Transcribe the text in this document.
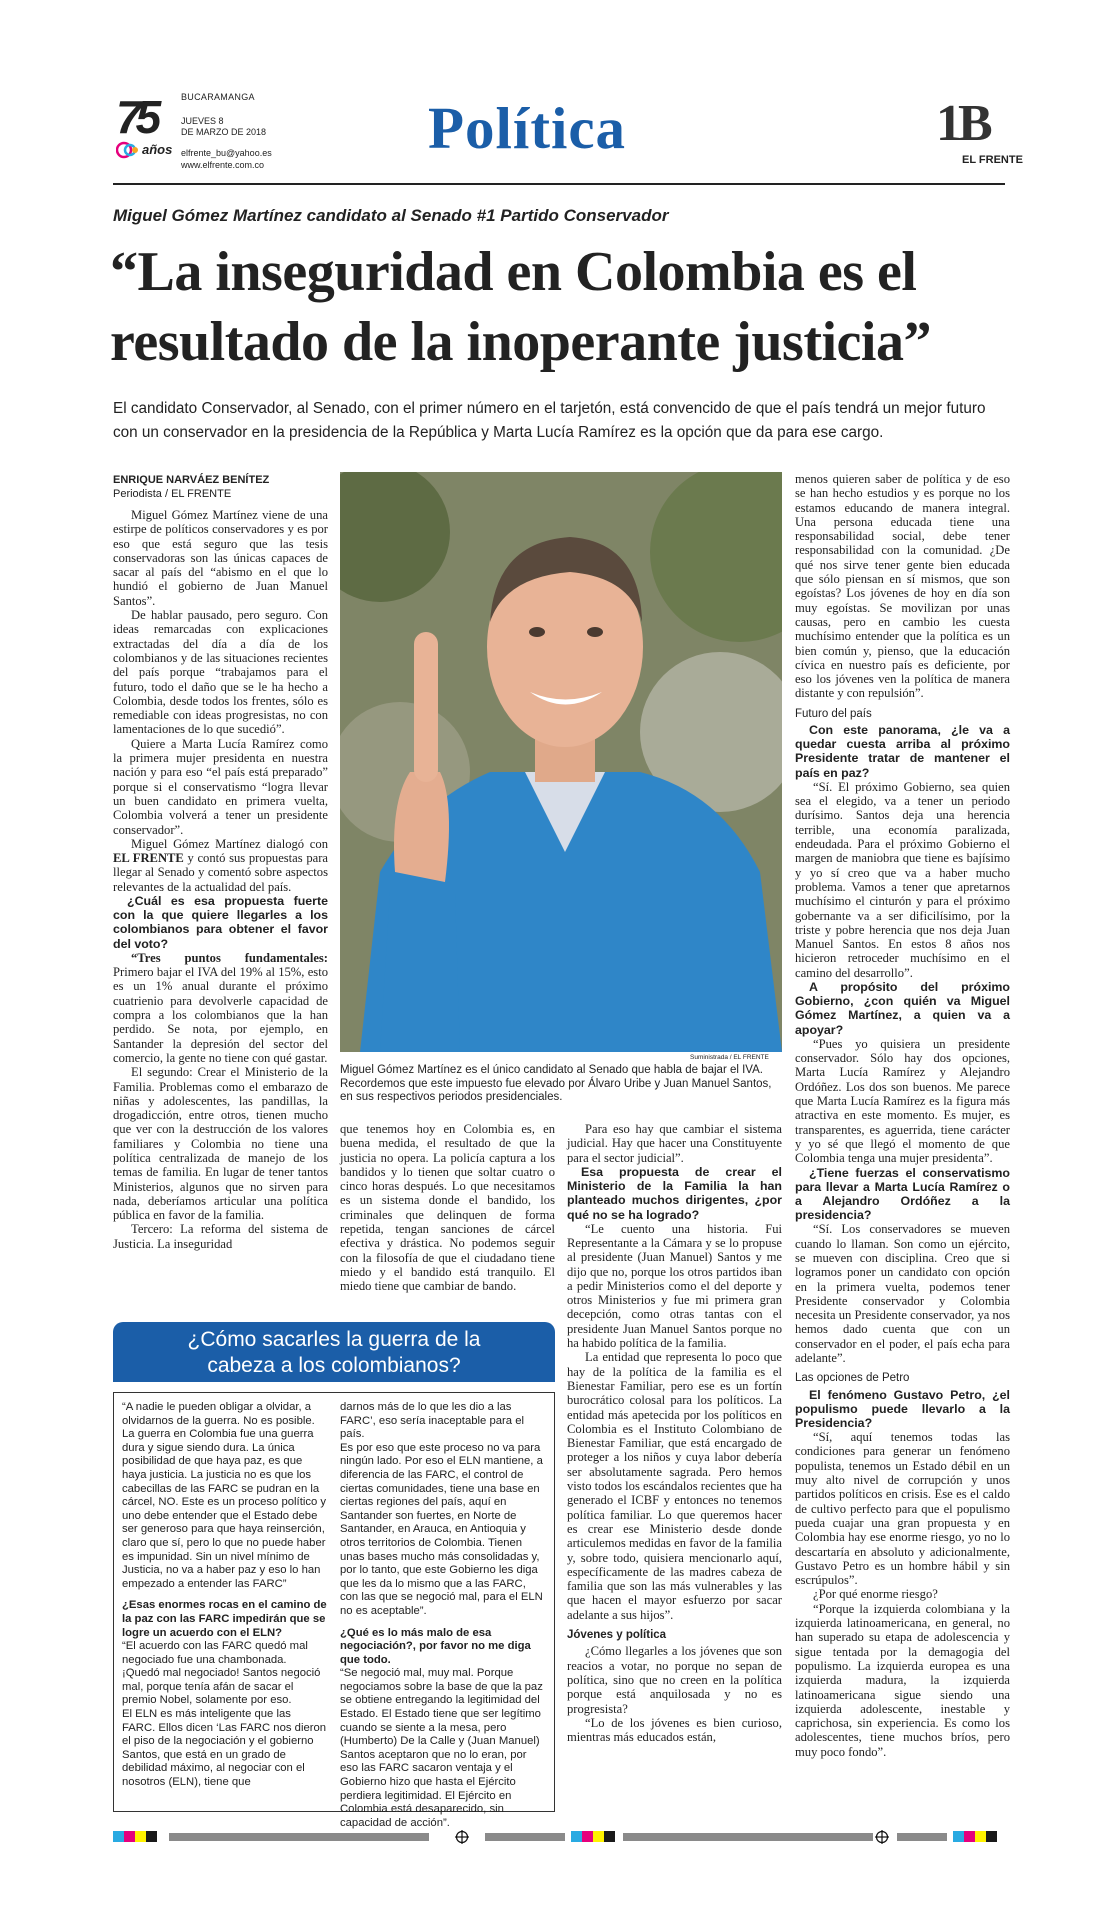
75
años
BUCARAMANGA
JUEVES 8
DE MARZO DE 2018
elfrente_bu@yahoo.es
www.elfrente.com.co
Política	1B
EL FRENTE
Miguel Gómez Martínez candidato al Senado #1 Partido Conservador
“La inseguridad en Colombia es el
resultado de la inoperante justicia”
El candidato Conservador, al Senado, con el primer número en el tarjetón, está convencido de que el país tendrá un mejor futuro con un conservador en la presidencia de la República y Marta Lucía Ramírez es la opción que da para ese cargo.
ENRIQUE NARVÁEZ BENÍTEZ
Periodista / EL FRENTE
Suministrada / EL FRENTE
Miguel Gómez Martínez es el único candidato al Senado que habla de bajar el IVA. Recordemos que este impuesto fue elevado por Álvaro Uribe y Juan Manuel Santos, en sus respectivos periodos presidenciales.

Miguel Gómez Martínez viene de una estirpe de políticos conservadores y es por eso que está seguro que las tesis conservadoras son las únicas capaces de sacar al país del “abismo en el que lo hundió el gobierno de Juan Manuel Santos”.

De hablar pausado, pero seguro. Con ideas remarcadas con explicaciones extractadas del día a día de los colombianos y de las situaciones recientes del país porque “trabajamos para el futuro, todo el daño que se le ha hecho a Colombia, desde todos los frentes, sólo es remediable con ideas progresistas, no con lamentaciones de lo que sucedió”.

Quiere a Marta Lucía Ramírez como la primera mujer presidenta en nuestra nación y para eso “el país está preparado” porque si el conservatismo “logra llevar un buen candidato en primera vuelta, Colombia volverá a tener un presidente conservador”.

Miguel Gómez Martínez dialogó con EL FRENTE y contó sus propuestas para llegar al Senado y comentó sobre aspectos relevantes de la actualidad del país.

¿Cuál es esa propuesta fuerte con la que quiere llegarles a los colombianos para obtener el favor del voto?

“Tres puntos fundamentales: Primero bajar el IVA del 19% al 15%, esto es un 1% anual durante el próximo cuatrienio para devolverle capacidad de compra a los colombianos que la han perdido. Se nota, por ejemplo, en Santander la depresión del sector del comercio, la gente no tiene con qué gastar.

El segundo: Crear el Ministerio de la Familia. Problemas como el embarazo de niñas y adolescentes, las pandillas, la drogadicción, entre otros, tienen mucho que ver con la destrucción de los valores familiares y Colombia no tiene una política centralizada de manejo de los temas de familia. En lugar de tener tantos Ministerios, algunos que no sirven para nada, deberíamos articular una política pública en favor de la familia.

Tercero: La reforma del sistema de Justicia. La inseguridad

que tenemos hoy en Colombia es, en buena medida, el resultado de que la justicia no opera. La policía captura a los bandidos y lo tienen que soltar cuatro o cinco horas después. Lo que necesitamos es un sistema donde el bandido, los criminales que delinquen de forma repetida, tengan sanciones de cárcel efectiva y drástica. No podemos seguir con la filosofía de que el ciudadano tiene miedo y el bandido está tranquilo. El miedo tiene que cambiar de bando.

Para eso hay que cambiar el sistema judicial. Hay que hacer una Constituyente para el sector judicial”.

Esa propuesta de crear el Ministerio de la Familia la han planteado muchos dirigentes, ¿por qué no se ha logrado?

“Le cuento una historia. Fui Representante a la Cámara y se lo propuse al presidente (Juan Manuel) Santos y me dijo que no, porque los otros partidos iban a pedir Ministerios como el del deporte y otros Ministerios y fue mi primera gran decepción, como otras tantas con el presidente Juan Manuel Santos porque no ha habido política de la familia.

La entidad que representa lo poco que hay de la política de la familia es el Bienestar Familiar, pero ese es un fortín burocrático colosal para los políticos. La entidad más apetecida por los políticos en Colombia es el Instituto Colombiano de Bienestar Familiar, que está encargado de proteger a los niños y cuya labor debería ser absolutamente sagrada. Pero hemos visto todos los escándalos recientes que ha generado el ICBF y entonces no tenemos política familiar. Lo que queremos hacer es crear ese Ministerio desde donde articulemos medidas en favor de la familia y, sobre todo, quisiera mencionarlo aquí, específicamente de las madres cabeza de familia que son las más vulnerables y las que hacen el mayor esfuerzo por sacar adelante a sus hijos”.

Jóvenes y política

¿Cómo llegarles a los jóvenes que son reacios a votar, no porque no sepan de política, sino que no creen en la política porque está anquilosada y no es progresista?

“Lo de los jóvenes es bien curioso, mientras más educados están,

menos quieren saber de política y de eso se han hecho estudios y es porque no los estamos educando de manera integral. Una persona educada tiene una responsabilidad social, debe tener responsabilidad con la comunidad. ¿De qué nos sirve tener gente bien educada que sólo piensan en sí mismos, que son egoístas? Los jóvenes de hoy en día son muy egoístas. Se movilizan por unas causas, pero en cambio les cuesta muchísimo entender que la política es un bien común y, pienso, que la educación cívica en nuestro país es deficiente, por eso los jóvenes ven la política de manera distante y con repulsión”.

Futuro del país

Con este panorama, ¿le va a quedar cuesta arriba al próximo Presidente tratar de mantener el país en paz?

“Sí. El próximo Gobierno, sea quien sea el elegido, va a tener un periodo durísimo. Santos deja una herencia terrible, una economía paralizada, endeudada. Para el próximo Gobierno el margen de maniobra que tiene es bajísimo y yo sí creo que va a haber mucho problema. Vamos a tener que apretarnos muchísimo el cinturón y para el próximo gobernante va a ser dificilísimo, por la triste y pobre herencia que nos deja Juan Manuel Santos. En estos 8 años nos hicieron retroceder muchísimo en el camino del desarrollo”.

A propósito del próximo Gobierno, ¿con quién va Miguel Gómez Martínez, a quien va a apoyar?

“Pues yo quisiera un presidente conservador. Sólo hay dos opciones, Marta Lucía Ramírez y Alejandro Ordóñez. Los dos son buenos. Me parece que Marta Lucía Ramírez es la figura más atractiva en este momento. Es mujer, es transparentes, es aguerrida, tiene carácter y yo sé que llegó el momento de que Colombia tenga una mujer presidenta”.

¿Tiene fuerzas el conservatismo para llevar a Marta Lucía Ramírez o a Alejandro Ordóñez a la presidencia?

“Sí. Los conservadores se mueven cuando lo llaman. Son como un ejército, se mueven con disciplina. Creo que si logramos poner un candidato con opción en la primera vuelta, podemos tener Presidente conservador y Colombia necesita un Presidente conservador, ya nos hemos dado cuenta que con un conservador en el poder, el país echa para adelante”.

Las opciones de Petro

El fenómeno Gustavo Petro, ¿el populismo puede llevarlo a la Presidencia?

“Sí, aquí tenemos todas las condiciones para generar un fenómeno populista, tenemos un Estado débil en un muy alto nivel de corrupción y unos partidos políticos en crisis. Ese es el caldo de cultivo perfecto para que el populismo pueda cuajar una gran propuesta y en Colombia hay ese enorme riesgo, yo no lo descartaría en absoluto y adicionalmente, Gustavo Petro es un hombre hábil y sin escrúpulos”.

¿Por qué enorme riesgo?

“Porque la izquierda colombiana y la izquierda latinoamericana, en general, no han superado su etapa de adolescencia y sigue tentada por la demagogia del populismo. La izquierda europea es una izquierda madura, la izquierda latinoamericana sigue siendo una izquierda adolescente, inestable y caprichosa, sin experiencia. Es como los adolescentes, tiene muchos bríos, pero muy poco fondo”.

¿Cómo sacarles la guerra de la
cabeza a los colombianos?

“A nadie le pueden obligar a olvidar, a olvidarnos de la guerra. No es posible. La guerra en Colombia fue una guerra dura y sigue siendo dura. La única posibilidad de que haya paz, es que haya justicia. La justicia no es que los cabecillas de las FARC se pudran en la cárcel, NO. Este es un proceso político y uno debe entender que el Estado debe ser generoso para que haya reinserción, claro que sí, pero lo que no puede haber es impunidad. Sin un nivel mínimo de Justicia, no va a haber paz y eso lo han empezado a entender las FARC”

¿Esas enormes rocas en el camino de la paz con las FARC impedirán que se logre un acuerdo con el ELN?

“El acuerdo con las FARC quedó mal negociado fue una chambonada. ¡Quedó mal negociado! Santos negoció mal, porque tenía afán de sacar el premio Nobel, solamente por eso.

El ELN es más inteligente que las FARC. Ellos dicen ‘Las FARC nos dieron el piso de la negociación y el gobierno Santos, que está en un grado de debilidad máximo, al negociar con el nosotros (ELN), tiene que

darnos más de lo que les dio a las FARC’, eso sería inaceptable para el país.

Es por eso que este proceso no va para ningún lado. Por eso el ELN mantiene, a diferencia de las FARC, el control de ciertas comunidades, tiene una base en ciertas regiones del país, aquí en Santander son fuertes, en Norte de Santander, en Arauca, en Antioquia y otros territorios de Colombia. Tienen unas bases mucho más consolidadas y, por lo tanto, que este Gobierno les diga que les da lo mismo que a las FARC, con las que se negoció mal, para el ELN no es aceptable”.

¿Qué es lo más malo de esa negociación?, por favor no me diga que todo.

“Se negoció mal, muy mal. Porque negociamos sobre la base de que la paz se obtiene entregando la legitimidad del Estado. El Estado tiene que ser legítimo cuando se siente a la mesa, pero (Humberto) De la Calle y (Juan Manuel) Santos aceptaron que no lo eran, por eso las FARC sacaron ventaja y el Gobierno hizo que hasta el Ejército perdiera legitimidad. El Ejército en Colombia está desaparecido, sin capacidad de acción”.
